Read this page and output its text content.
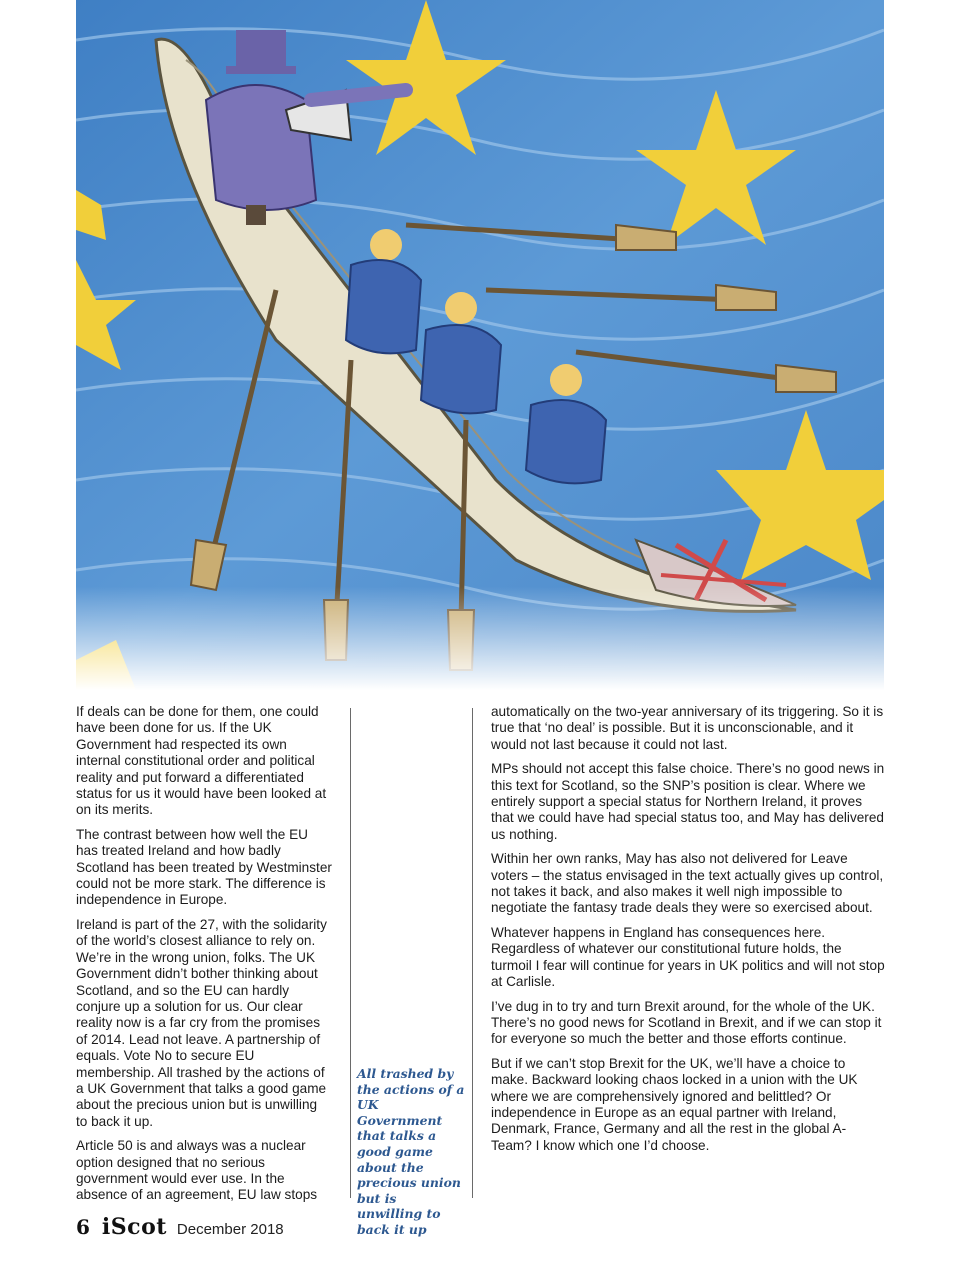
If deals can be done for them, one could have been done for us. If the UK Government had respected its own internal constitutional order and political reality and put forward a differentiated status for us it would have been looked at on its merits.

The contrast between how well the EU has treated Ireland and how badly Scotland has been treated by Westminster could not be more stark. The difference is independence in Europe.

Ireland is part of the 27, with the solidarity of the world’s closest alliance to rely on. We’re in the wrong union, folks. The UK Government didn’t bother thinking about Scotland, and so the EU can hardly conjure up a solution for us. Our clear reality now is a far cry from the promises of 2014. Lead not leave. A partnership of equals. Vote No to secure EU membership. All trashed by the actions of a UK Government that talks a good game about the precious union but is unwilling to back it up.

Article 50 is and always was a nuclear option designed that no serious government would ever use. In the absence of an agreement, EU law stops

All trashed by the actions of a UK Government that talks a good game about the precious union but is unwilling to back it up

automatically on the two-year anniversary of its triggering. So it is true that ‘no deal’ is possible. But it is unconscionable, and it would not last because it could not last.

MPs should not accept this false choice. There’s no good news in this text for Scotland, so the SNP’s position is clear. Where we entirely support a special status for Northern Ireland, it proves that we could have had special status too, and May has delivered us nothing.

Within her own ranks, May has also not delivered for Leave voters – the status envisaged in the text actually gives up control, not takes it back, and also makes it well nigh impossible to negotiate the fantasy trade deals they were so exercised about.

Whatever happens in England has consequences here. Regardless of whatever our constitutional future holds, the turmoil I fear will continue for years in UK politics and will not stop at Carlisle.

I’ve dug in to try and turn Brexit around, for the whole of the UK. There’s no good news for Scotland in Brexit, and if we can stop it for everyone so much the better and those efforts continue.

But if we can’t stop Brexit for the UK, we’ll have a choice to make. Backward looking chaos locked in a union with the UK where we are comprehensively ignored and belittled? Or independence in Europe as an equal partner with Ireland, Denmark, France, Germany and all the rest in the global A-Team? I know which one I’d choose.

6 iScot December 2018
